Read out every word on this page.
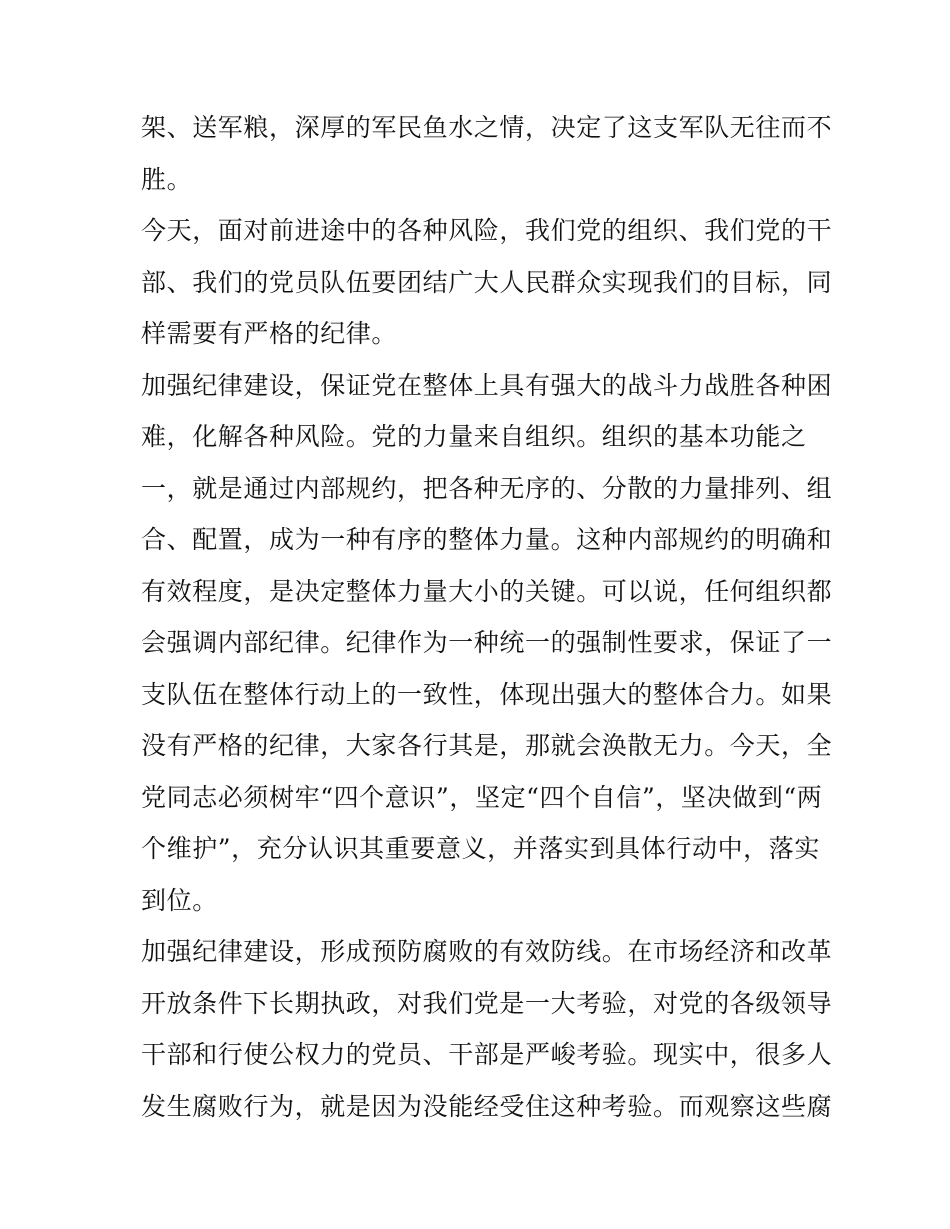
架、送军粮，深厚的军民鱼水之情，决定了这支军队无往而不
胜。
今天，面对前进途中的各种风险，我们党的组织、我们党的干
部、我们的党员队伍要团结广大人民群众实现我们的目标，同
样需要有严格的纪律。
加强纪律建设，保证党在整体上具有强大的战斗力战胜各种困
难，化解各种风险。党的力量来自组织。组织的基本功能之
一，就是通过内部规约，把各种无序的、分散的力量排列、组
合、配置，成为一种有序的整体力量。这种内部规约的明确和
有效程度，是决定整体力量大小的关键。可以说，任何组织都
会强调内部纪律。纪律作为一种统一的强制性要求，保证了一
支队伍在整体行动上的一致性，体现出强大的整体合力。如果
没有严格的纪律，大家各行其是，那就会涣散无力。今天，全
党同志必须树牢“四个意识”，坚定“四个自信”，坚决做到“两
个维护”，充分认识其重要意义，并落实到具体行动中，落实
到位。
加强纪律建设，形成预防腐败的有效防线。在市场经济和改革
开放条件下长期执政，对我们党是一大考验，对党的各级领导
干部和行使公权力的党员、干部是严峻考验。现实中，很多人
发生腐败行为，就是因为没能经受住这种考验。而观察这些腐
